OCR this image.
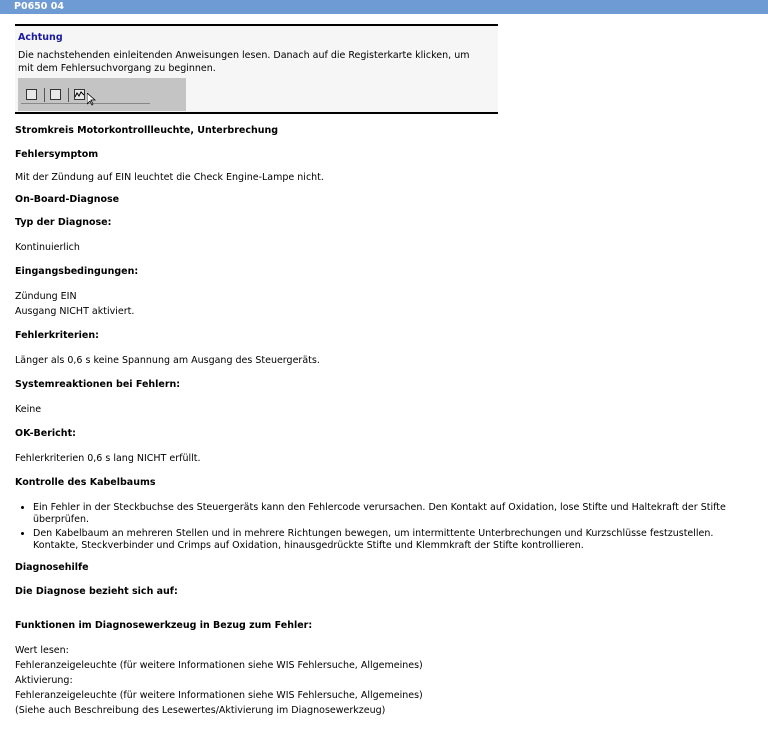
P0650 04
Achtung
Die nachstehenden einleitenden Anweisungen lesen. Danach auf die Registerkarte klicken, um mit dem Fehlersuchvorgang zu beginnen.
Stromkreis Motorkontrollleuchte, Unterbrechung
Fehlersymptom
Mit der Zündung auf EIN leuchtet die Check Engine-Lampe nicht.
On-Board-Diagnose
Typ der Diagnose:
Kontinuierlich
Eingangsbedingungen:
Zündung EIN
Ausgang NICHT aktiviert.
Fehlerkriterien:
Länger als 0,6 s keine Spannung am Ausgang des Steuergeräts.
Systemreaktionen bei Fehlern:
Keine
OK-Bericht:
Fehlerkriterien 0,6 s lang NICHT erfüllt.
Kontrolle des Kabelbaums
• Ein Fehler in der Steckbuchse des Steuergeräts kann den Fehlercode verursachen. Den Kontakt auf Oxidation, lose Stifte und Haltekraft der Stifte überprüfen.
• Den Kabelbaum an mehreren Stellen und in mehrere Richtungen bewegen, um intermittente Unterbrechungen und Kurzschlüsse festzustellen. Kontakte, Steckverbinder und Crimps auf Oxidation, hinausgedrückte Stifte und Klemmkraft der Stifte kontrollieren.
Diagnosehilfe
Die Diagnose bezieht sich auf:
Funktionen im Diagnosewerkzeug in Bezug zum Fehler:
Wert lesen:
Fehleranzeigeleuchte (für weitere Informationen siehe WIS Fehlersuche, Allgemeines)
Aktivierung:
Fehleranzeigeleuchte (für weitere Informationen siehe WIS Fehlersuche, Allgemeines)
(Siehe auch Beschreibung des Lesewertes/Aktivierung im Diagnosewerkzeug)
